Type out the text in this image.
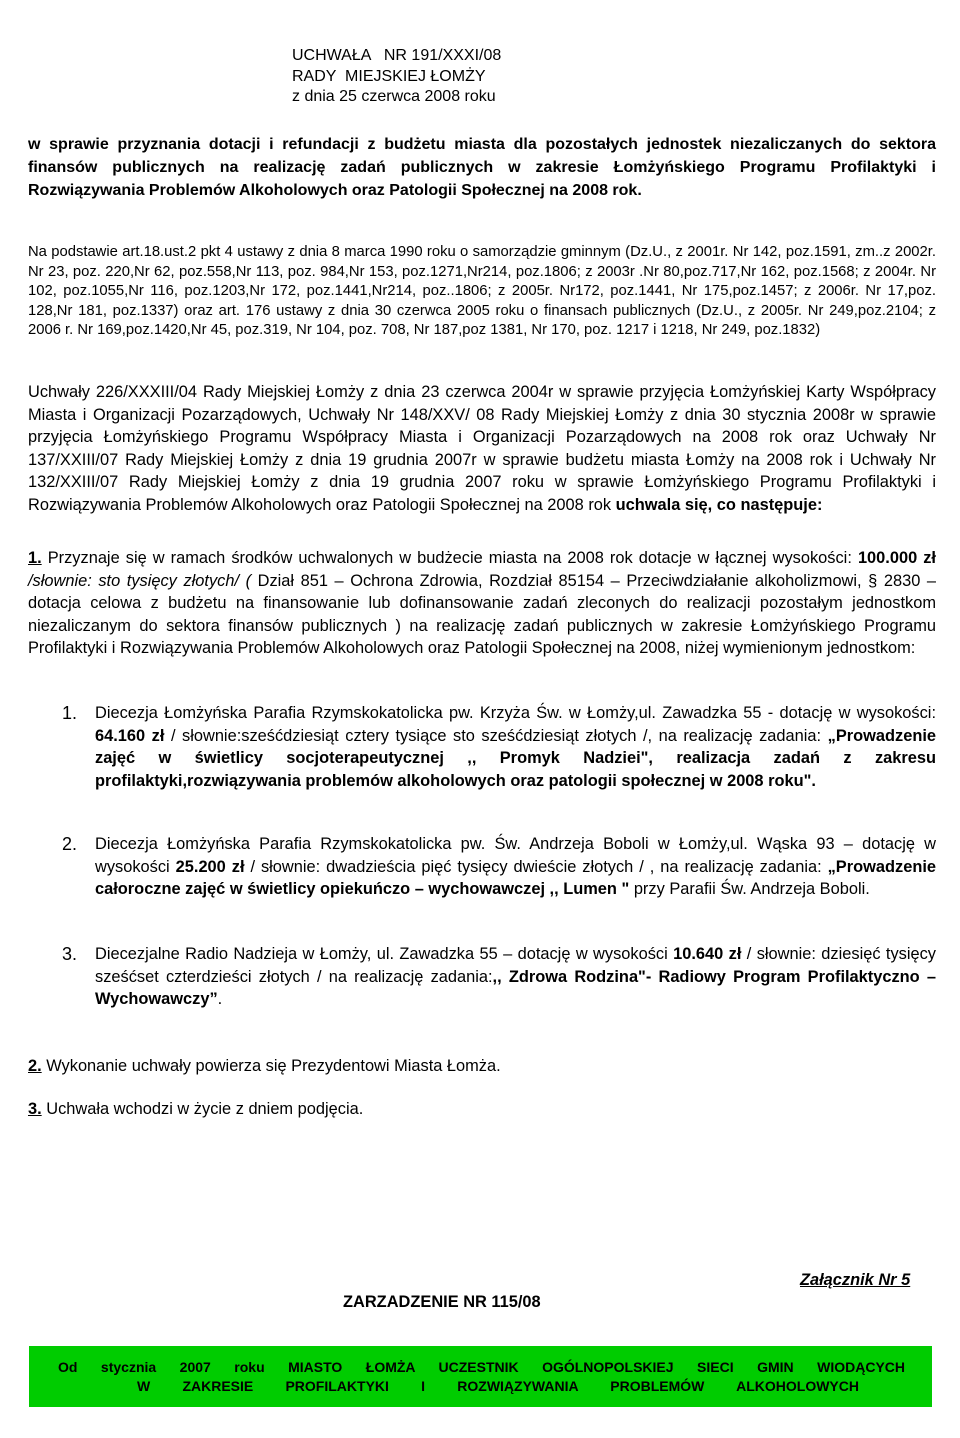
UCHWAŁA   NR 191/XXXI/08
RADY  MIEJSKIEJ ŁOMŻY
z dnia 25 czerwca 2008 roku
w sprawie przyznania dotacji i refundacji z budżetu miasta dla pozostałych jednostek niezaliczanych do sektora finansów publicznych na realizację zadań publicznych w zakresie Łomżyńskiego Programu Profilaktyki i Rozwiązywania Problemów Alkoholowych oraz Patologii Społecznej na 2008 rok.
Na podstawie art.18.ust.2 pkt 4 ustawy z dnia 8 marca 1990 roku o samorządzie gminnym (Dz.U., z 2001r. Nr 142, poz.1591, zm..z 2002r. Nr 23, poz. 220,Nr 62, poz.558,Nr 113, poz. 984,Nr 153, poz.1271,Nr214, poz.1806; z 2003r .Nr 80,poz.717,Nr 162, poz.1568; z 2004r. Nr 102, poz.1055,Nr 116, poz.1203,Nr 172, poz.1441,Nr214, poz..1806; z 2005r. Nr172, poz.1441, Nr 175,poz.1457; z 2006r. Nr 17,poz. 128,Nr 181, poz.1337) oraz art. 176 ustawy z dnia 30 czerwca 2005 roku o finansach publicznych (Dz.U., z 2005r. Nr 249,poz.2104; z 2006 r. Nr 169,poz.1420,Nr 45, poz.319, Nr 104, poz. 708, Nr 187,poz 1381, Nr 170, poz. 1217 i 1218, Nr 249, poz.1832)
Uchwały 226/XXXIII/04 Rady Miejskiej Łomży z dnia 23 czerwca 2004r w sprawie przyjęcia Łomżyńskiej Karty Współpracy Miasta i Organizacji Pozarządowych, Uchwały Nr 148/XXV/ 08 Rady Miejskiej Łomży z dnia 30 stycznia 2008r w sprawie przyjęcia Łomżyńskiego Programu Współpracy Miasta i Organizacji Pozarządowych na 2008 rok oraz Uchwały Nr 137/XXIII/07 Rady Miejskiej Łomży z dnia 19 grudnia 2007r w sprawie budżetu miasta Łomży na 2008 rok i Uchwały Nr 132/XXIII/07 Rady Miejskiej Łomży z dnia 19 grudnia 2007 roku w sprawie Łomżyńskiego Programu Profilaktyki i Rozwiązywania Problemów Alkoholowych oraz Patologii Społecznej na 2008 rok uchwala się, co następuje:
1. Przyznaje się w ramach środków uchwalonych w budżecie miasta na 2008 rok dotacje w łącznej wysokości: 100.000 zł /słownie: sto tysięcy złotych/ ( Dział 851 – Ochrona Zdrowia, Rozdział 85154 – Przeciwdziałanie alkoholizmowi, § 2830 – dotacja celowa z budżetu na finansowanie lub dofinansowanie zadań zleconych do realizacji pozostałym jednostkom niezaliczanym do sektora finansów publicznych ) na realizację zadań publicznych w zakresie Łomżyńskiego Programu Profilaktyki i Rozwiązywania Problemów Alkoholowych oraz Patologii Społecznej na 2008, niżej wymienionym jednostkom:
1. Diecezja Łomżyńska Parafia Rzymskokatolicka pw. Krzyża Św. w Łomży,ul. Zawadzka 55 - dotację w wysokości: 64.160 zł / słownie:sześćdziesiąt cztery tysiące sto sześćdziesiąt złotych /, na realizację zadania: „Prowadzenie zajęć w świetlicy socjoterapeutycznej ,, Promyk Nadziei", realizacja zadań z zakresu profilaktyki,rozwiązywania problemów alkoholowych oraz patologii społecznej w 2008 roku".
2. Diecezja Łomżyńska Parafia Rzymskokatolicka pw. Św. Andrzeja Boboli w Łomży,ul. Wąska 93 – dotację w wysokości 25.200 zł / słownie: dwadzieścia pięć tysięcy dwieście złotych / , na realizację zadania: „Prowadzenie całoroczne zajęć w świetlicy opiekuńczo – wychowawczej ,, Lumen " przy Parafii Św. Andrzeja Boboli.
3. Diecezjalne Radio Nadzieja w Łomży, ul. Zawadzka 55 – dotację w wysokości 10.640 zł / słownie: dziesięć tysięcy sześćset czterdzieści złotych / na realizację zadania:,, Zdrowa Rodzina"- Radiowy Program Profilaktyczno – Wychowawczy”.
2. Wykonanie uchwały powierza się Prezydentowi Miasta Łomża.
3. Uchwała wchodzi w życie z dniem podjęcia.
Załącznik Nr 5
ZARZADZENIE NR 115/08
Od stycznia 2007 roku MIASTO ŁOMŻA UCZESTNIK OGÓLNOPOLSKIEJ SIECI GMIN WIODĄCYCH
W ZAKRESIE PROFILAKTYKI I ROZWIĄZYWANIA PROBLEMÓW ALKOHOLOWYCH
